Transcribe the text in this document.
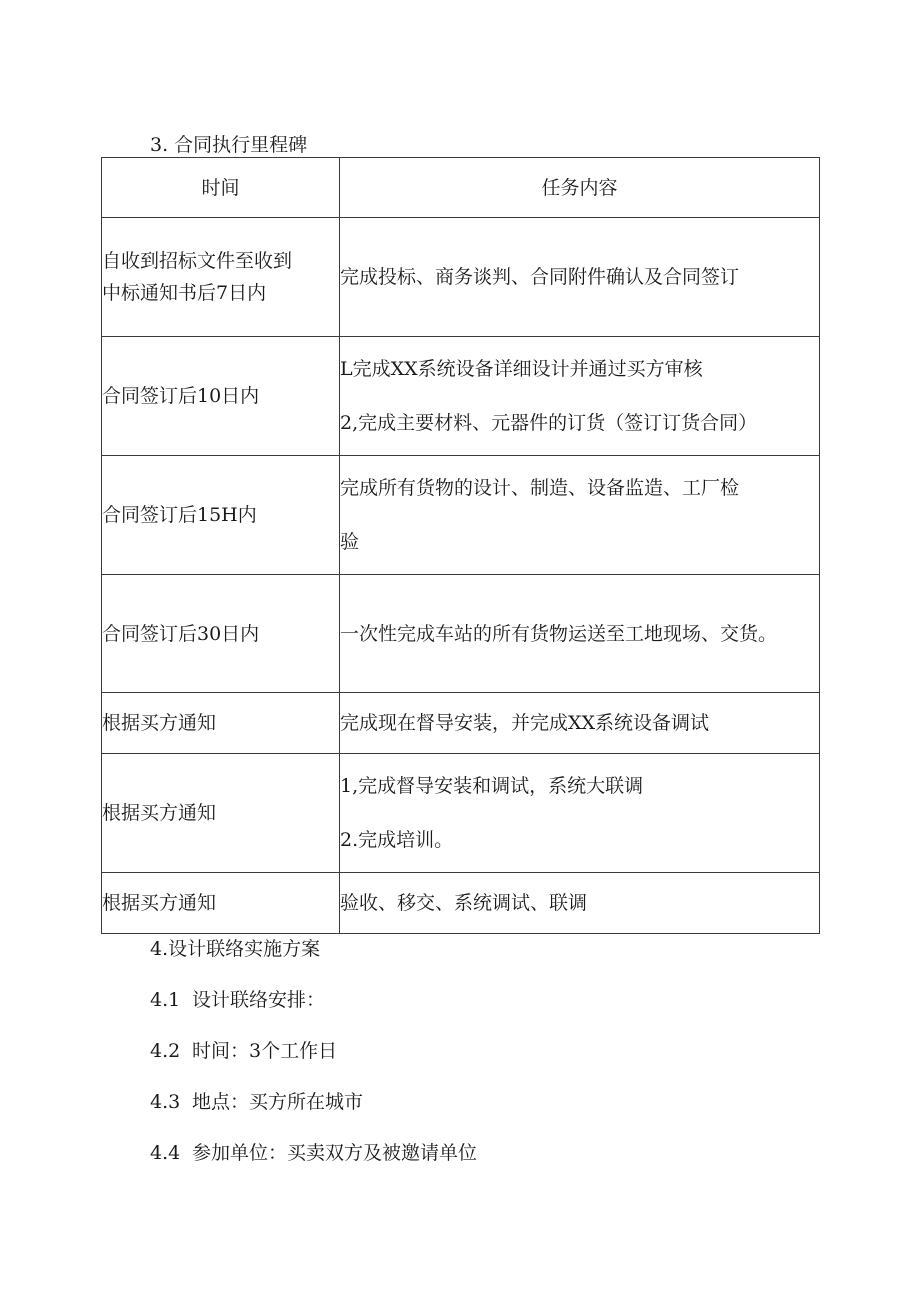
3. 合同执行里程碑
时间	任务内容

自收到招标文件至收到
中标通知书后7日内	完成投标、商务谈判、合同附件确认及合同签订

合同签订后10日内	L完成XX系统设备详细设计并通过买方审核
2,完成主要材料、元器件的订货（签订订货合同）

合同签订后15H内	完成所有货物的设计、制造、设备监造、工厂检
验

合同签订后30日内	一次性完成车站的所有货物运送至工地现场、交货。

根据买方通知	完成现在督导安装，并完成XX系统设备调试

根据买方通知	1,完成督导安装和调试，系统大联调
2.完成培训。

根据买方通知	验收、移交、系统调试、联调
4.设计联络实施方案
4.1 设计联络安排：
4.2 时间：3个工作日
4.3 地点：买方所在城市
4.4 参加单位：买卖双方及被邀请单位
